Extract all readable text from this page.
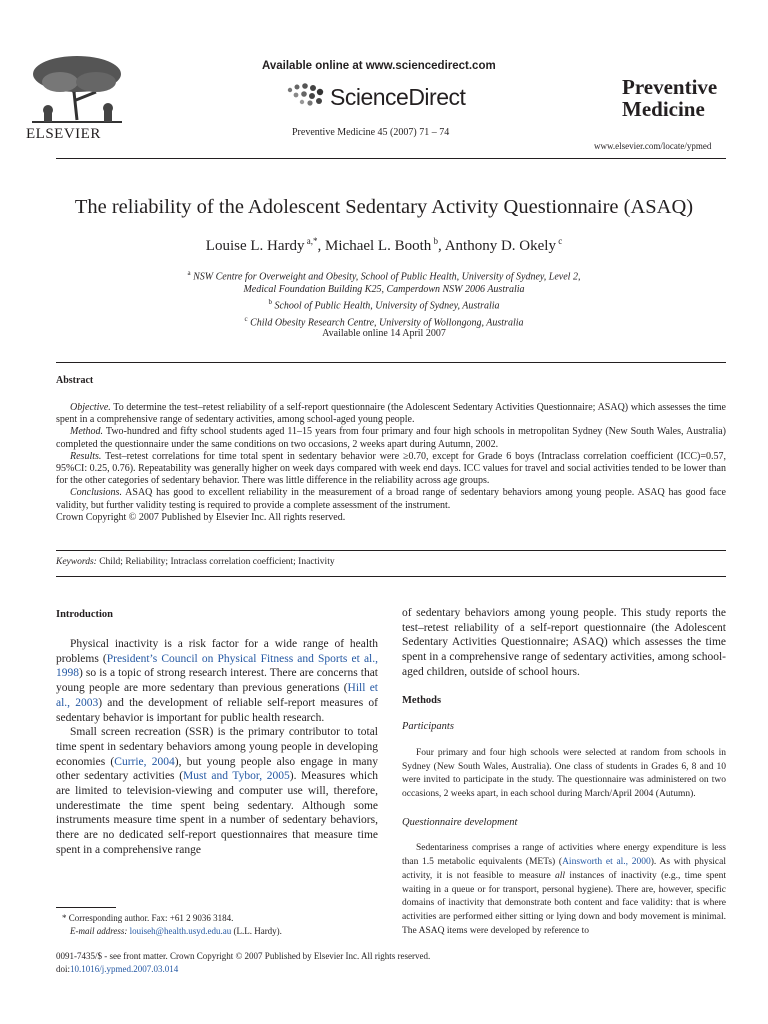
ELSEVIER
Available online at www.sciencedirect.com
ScienceDirect
Preventive Medicine 45 (2007) 71 – 74
Preventive
Medicine
www.elsevier.com/locate/ypmed
The reliability of the Adolescent Sedentary Activity Questionnaire (ASAQ)
Louise L. Hardy $^{a,*}$, Michael L. Booth $^b$, Anthony D. Okely $^c$
$^a$ NSW Centre for Overweight and Obesity, School of Public Health, University of Sydney, Level 2,
Medical Foundation Building K25, Camperdown NSW 2006 Australia
$^b$ School of Public Health, University of Sydney, Australia
$^c$ Child Obesity Research Centre, University of Wollongong, Australia
Available online 14 April 2007
Abstract

Objective. To determine the test–retest reliability of a self-report questionnaire (the Adolescent Sedentary Activities Questionnaire; ASAQ) which assesses the time spent in a comprehensive range of sedentary activities, among school-aged young people.

Method. Two-hundred and fifty school students aged 11–15 years from four primary and four high schools in metropolitan Sydney (New South Wales, Australia) completed the questionnaire under the same conditions on two occasions, 2 weeks apart during Autumn, 2002.

Results. Test–retest correlations for time total spent in sedentary behavior were ≥0.70, except for Grade 6 boys (Intraclass correlation coefficient (ICC)=0.57, 95%CI: 0.25, 0.76). Repeatability was generally higher on week days compared with week end days. ICC values for travel and social activities tended to be lower than for the other categories of sedentary behavior. There was little difference in the reliability across age groups.

Conclusions. ASAQ has good to excellent reliability in the measurement of a broad range of sedentary behaviors among young people. ASAQ has good face validity, but further validity testing is required to provide a complete assessment of the instrument.

Crown Copyright © 2007 Published by Elsevier Inc. All rights reserved.

Keywords: Child; Reliability; Intraclass correlation coefficient; Inactivity
Introduction

Physical inactivity is a risk factor for a wide range of health problems (President’s Council on Physical Fitness and Sports et al., 1998) so is a topic of strong research interest. There are concerns that young people are more sedentary than previous generations (Hill et al., 2003) and the development of reliable self-report measures of sedentary behavior is important for public health research.

Small screen recreation (SSR) is the primary contributor to total time spent in sedentary behaviors among young people in developing economies (Currie, 2004), but young people also engage in many other sedentary activities (Must and Tybor, 2005). Measures which are limited to television-viewing and computer use will, therefore, underestimate the time spent being sedentary. Although some instruments measure time spent in a number of sedentary behaviors, there are no dedicated self-report questionnaires that measure time spent in a comprehensive range

of sedentary behaviors among young people. This study reports the test–retest reliability of a self-report questionnaire (the Adolescent Sedentary Activities Questionnaire; ASAQ) which assesses the time spent in a comprehensive range of sedentary activities, among school-aged children, outside of school hours.

Methods
Participants

Four primary and four high schools were selected at random from schools in Sydney (New South Wales, Australia). One class of students in Grades 6, 8 and 10 were invited to participate in the study. The questionnaire was administered on two occasions, 2 weeks apart, in each school during March/April 2004 (Autumn).

Questionnaire development

Sedentariness comprises a range of activities where energy expenditure is less than 1.5 metabolic equivalents (METs) (Ainsworth et al., 2000). As with physical activity, it is not feasible to measure all instances of inactivity (e.g., time spent waiting in a queue or for transport, personal hygiene). There are, however, specific domains of inactivity that demonstrate both content and face validity: that is where activities are performed either sitting or lying down and body movement is minimal. The ASAQ items were developed by reference to

* Corresponding author. Fax: +61 2 9036 3184.
E-mail address: louiseh@health.usyd.edu.au (L.L. Hardy).
0091-7435/$ - see front matter. Crown Copyright © 2007 Published by Elsevier Inc. All rights reserved.
doi:10.1016/j.ypmed.2007.03.014
